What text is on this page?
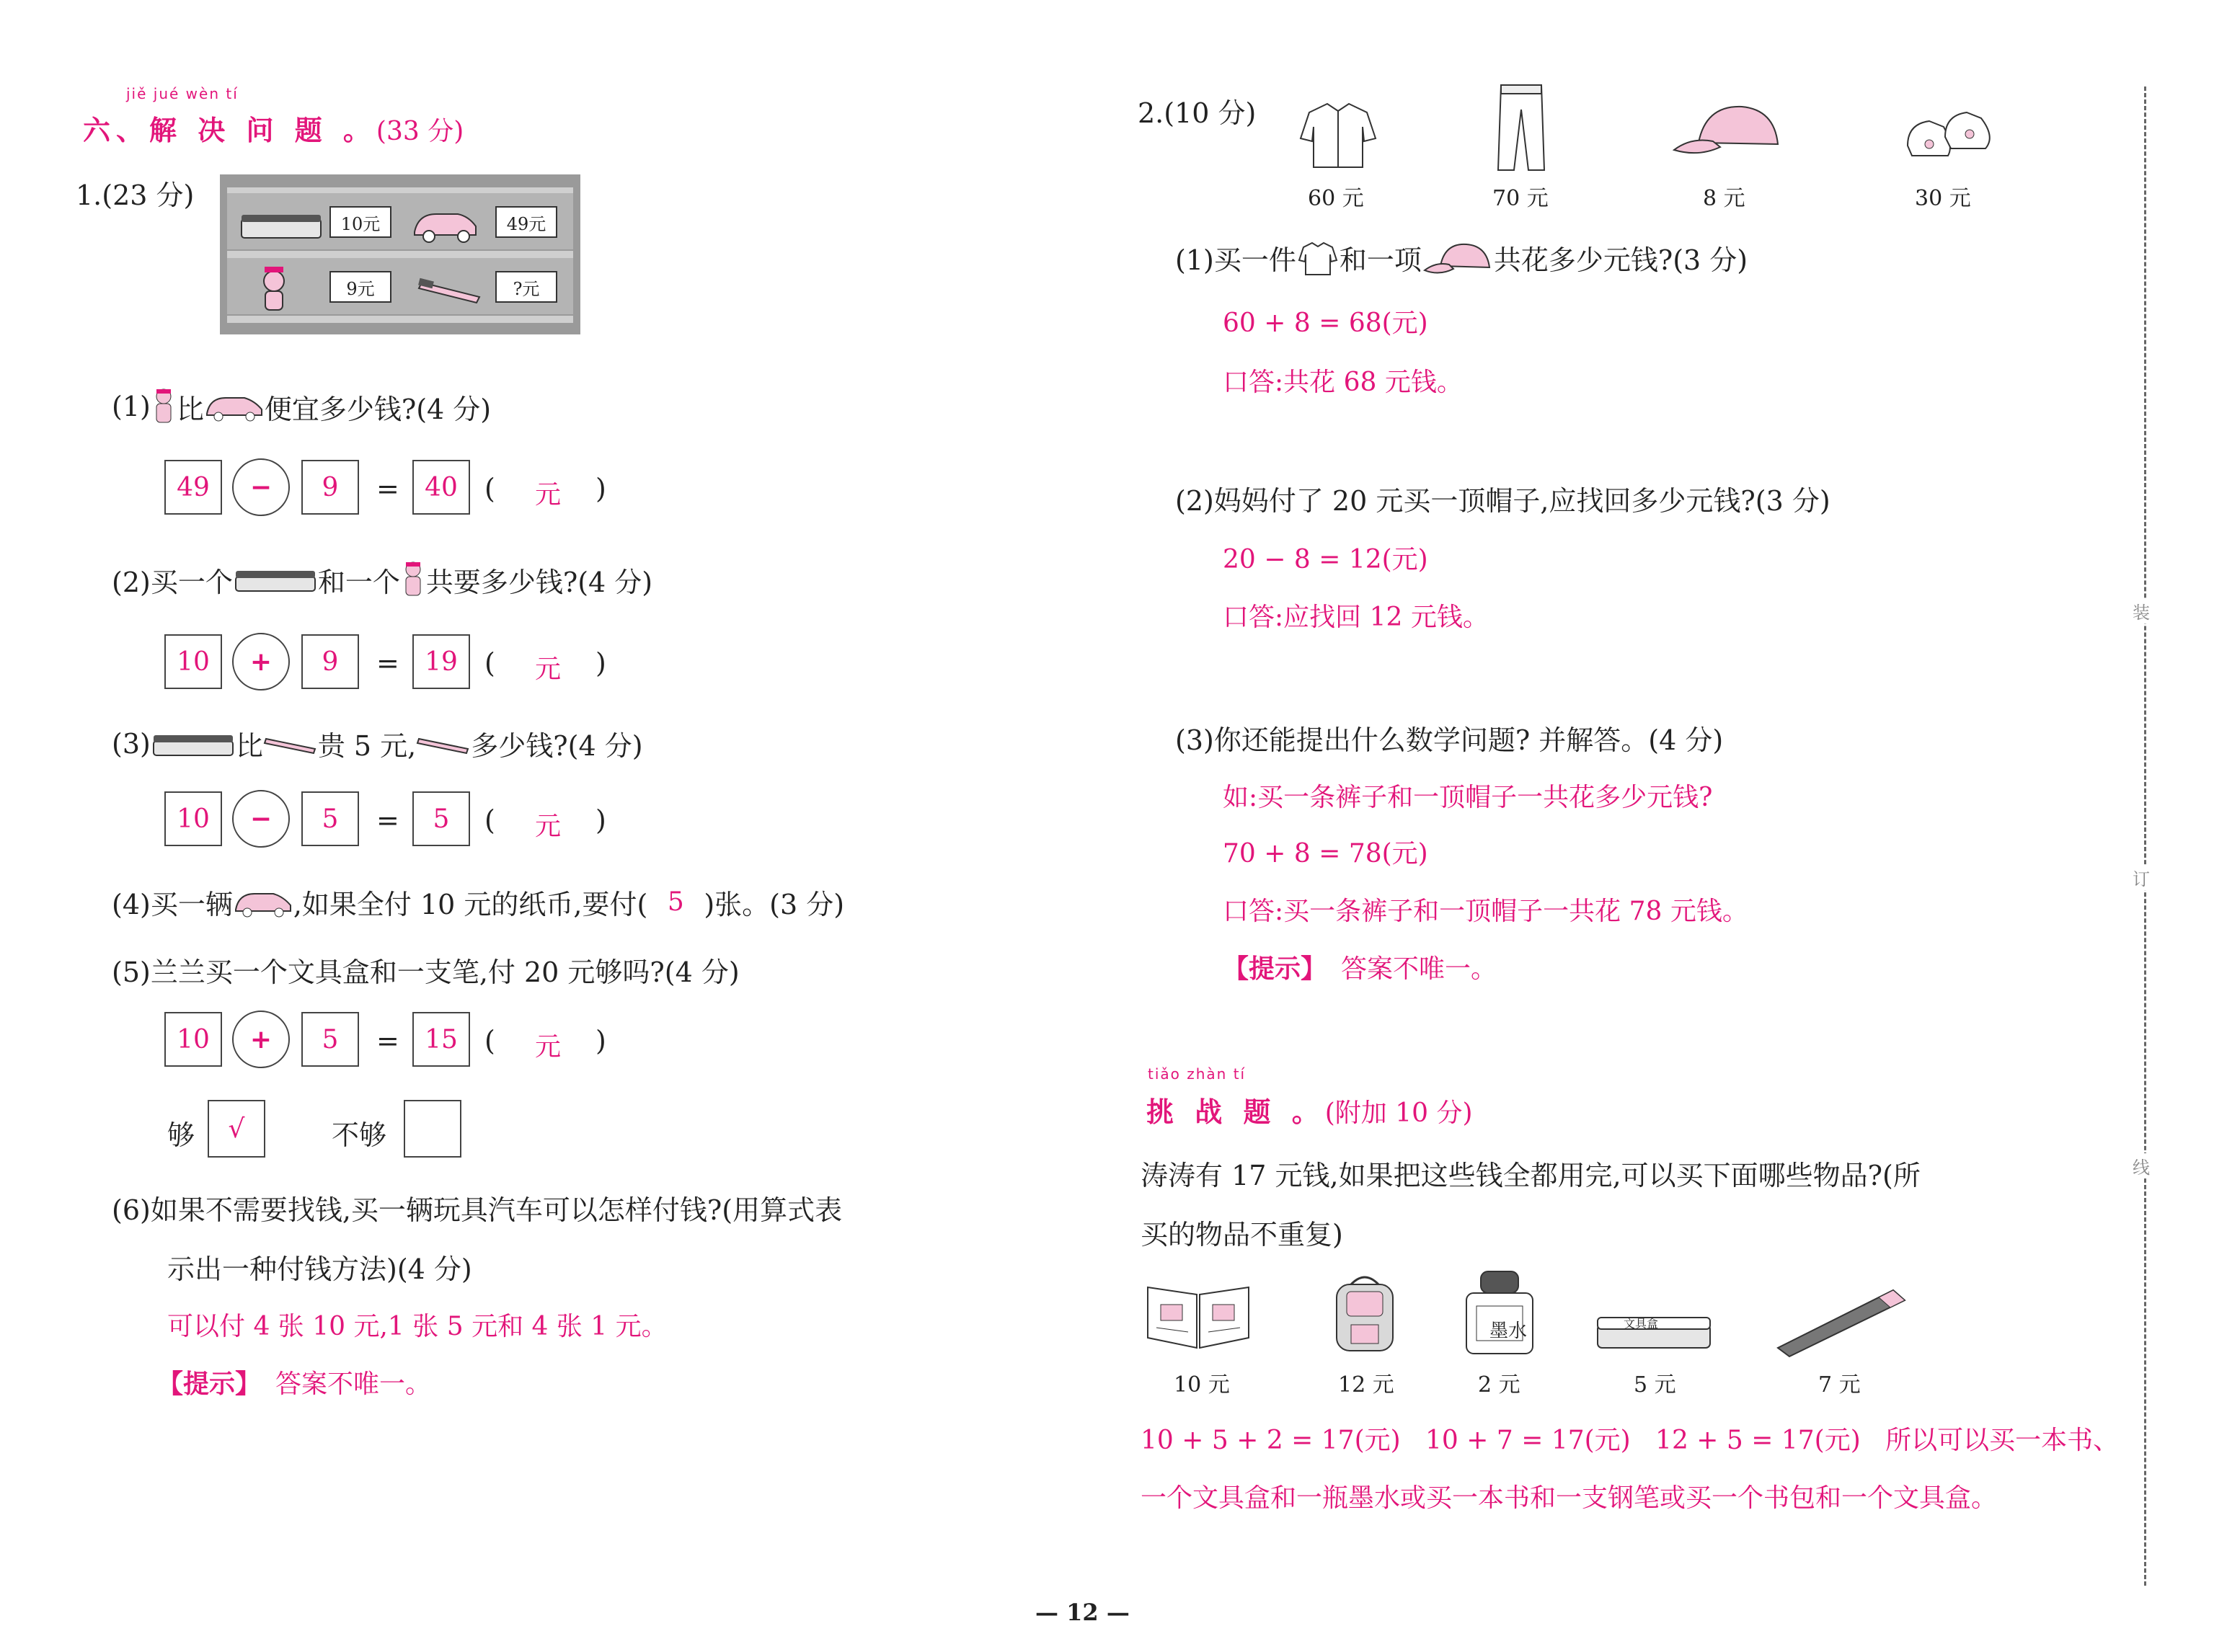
jiě jué wèn tí
六、解 决 问 题 。(33 分)
1.(23 分)
10元	49元
9元	?元
(1) 比 便宜多少钱?(4 分)
49	−	9	= 40 ( 元 )
(2)买一个	和一个 共要多少钱?(4 分)
10	+	9	= 19 ( 元 )
(3)	比 贵 5 元, 多少钱?(4 分)
10	−	5	=	5	( 元 )
(4)买一辆 ,如果全付 10 元的纸币,要付( 5 )张。(3 分)
(5)兰兰买一个文具盒和一支笔,付 20 元够吗?(4 分)
10	+	5	= 15 ( 元 )
够	√	不够
(6)如果不需要找钱,买一辆玩具汽车可以怎样付钱?(用算式表
示出一种付钱方法)(4 分)
可以付 4 张 10 元,1 张 5 元和 4 张 1 元。
【提示】 答案不唯一。
2.(10 分)
60 元	70 元	8 元	30 元
(1)买一件 和一项	共花多少元钱?(3 分)
60 + 8 = 68(元)
口答:共花 68 元钱。
(2)妈妈付了 20 元买一顶帽子,应找回多少元钱?(3 分)
20 − 8 = 12(元)
口答:应找回 12 元钱。
(3)你还能提出什么数学问题? 并解答。(4 分)
如:买一条裤子和一顶帽子一共花多少元钱?
70 + 8 = 78(元)
口答:买一条裤子和一顶帽子一共花 78 元钱。
【提示】 答案不唯一。
tiǎo zhàn tí
挑 战 题 。(附加 10 分)
涛涛有 17 元钱,如果把这些钱全都用完,可以买下面哪些物品?(所
买的物品不重复)
墨水	文具盒
10 元	12 元	2 元	5 元	7 元
10 + 5 + 2 = 17(元)   10 + 7 = 17(元)   12 + 5 = 17(元)   所以可以买一本书、
一个文具盒和一瓶墨水或买一本书和一支钢笔或买一个书包和一个文具盒。
装
订
线
— 12 —
